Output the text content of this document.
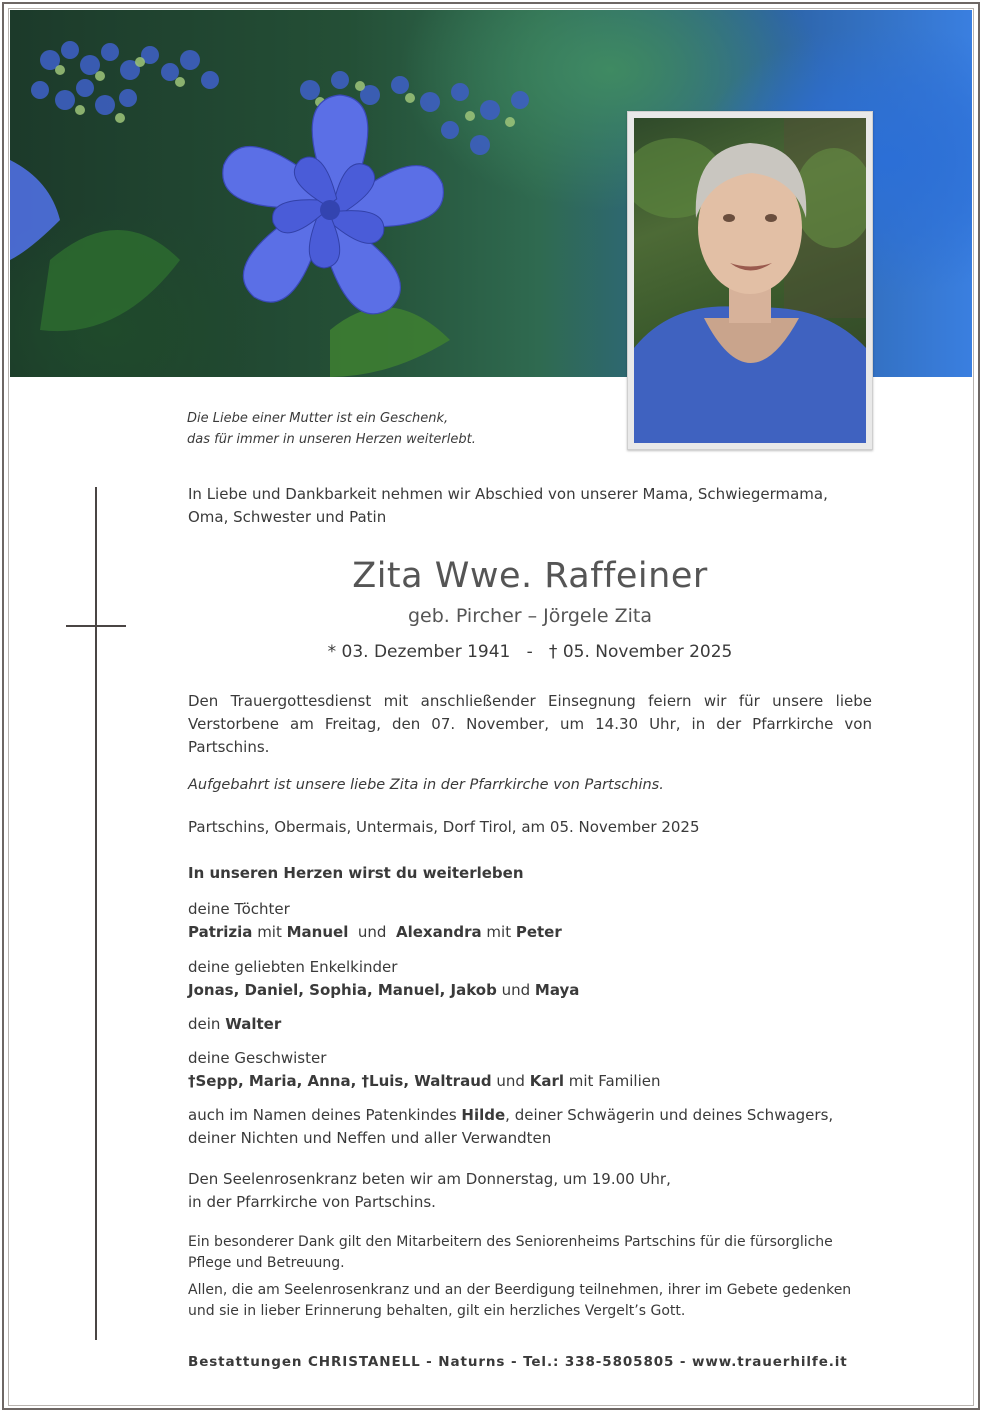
Die Liebe einer Mutter ist ein Geschenk,
das für immer in unseren Herzen weiterlebt.
In Liebe und Dankbarkeit nehmen wir Abschied von unserer Mama, Schwiegermama, Oma, Schwester und Patin
Zita Wwe. Raffeiner
geb. Pircher – Jörgele Zita
* 03. Dezember 1941   -   † 05. November 2025
Den Trauergottesdienst mit anschließender Einsegnung feiern wir für unsere liebe Verstorbene am Freitag, den 07. November, um 14.30 Uhr, in der Pfarrkirche von Partschins.
Aufgebahrt ist unsere liebe Zita in der Pfarrkirche von Partschins.
Partschins, Obermais, Untermais, Dorf Tirol, am 05. November 2025
In unseren Herzen wirst du weiterleben
deine Töchter
Patrizia mit Manuel  und  Alexandra mit Peter
deine geliebten Enkelkinder
Jonas, Daniel, Sophia, Manuel, Jakob und Maya
dein Walter
deine Geschwister
†Sepp, Maria, Anna, †Luis, Waltraud und Karl mit Familien
auch im Namen deines Patenkindes Hilde, deiner Schwägerin und deines Schwagers, deiner Nichten und Neffen und aller Verwandten
Den Seelenrosenkranz beten wir am Donnerstag, um 19.00 Uhr,
in der Pfarrkirche von Partschins.
Ein besonderer Dank gilt den Mitarbeitern des Seniorenheims Partschins für die fürsorgliche Pflege und Betreuung.
Allen, die am Seelenrosenkranz und an der Beerdigung teilnehmen, ihrer im Gebete gedenken und sie in lieber Erinnerung behalten, gilt ein herzliches Vergelt’s Gott.
Bestattungen CHRISTANELL - Naturns - Tel.: 338-5805805 - www.trauerhilfe.it
